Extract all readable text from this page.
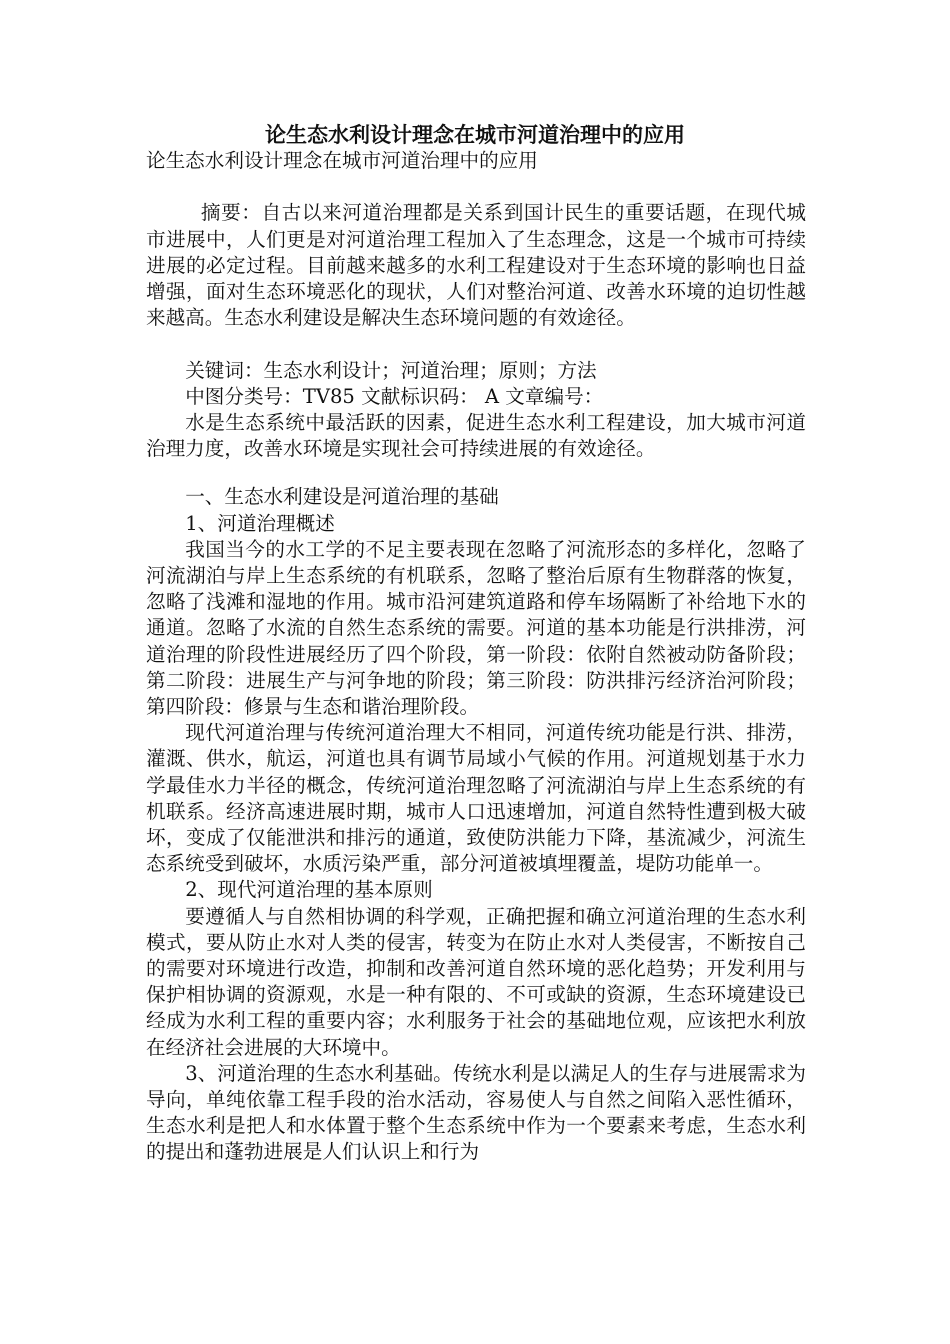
论生态水利设计理念在城市河道治理中的应用

论生态水利设计理念在城市河道治理中的应用

摘要：自古以来河道治理都是关系到国计民生的重要话题，在现代城市进展中，人们更是对河道治理工程加入了生态理念，这是一个城市可持续进展的必定过程。目前越来越多的水利工程建设对于生态环境的影响也日益增强，面对生态环境恶化的现状，人们对整治河道、改善水环境的迫切性越来越高。生态水利建设是解决生态环境问题的有效途径。

关键词：生态水利设计；河道治理；原则；方法

中图分类号：TV85 文献标识码： A 文章编号：

水是生态系统中最活跃的因素，促进生态水利工程建设，加大城市河道治理力度，改善水环境是实现社会可持续进展的有效途径。

一、生态水利建设是河道治理的基础

1、河道治理概述

我国当今的水工学的不足主要表现在忽略了河流形态的多样化，忽略了河流湖泊与岸上生态系统的有机联系，忽略了整治后原有生物群落的恢复，忽略了浅滩和湿地的作用。城市沿河建筑道路和停车场隔断了补给地下水的通道。忽略了水流的自然生态系统的需要。河道的基本功能是行洪排涝，河道治理的阶段性进展经历了四个阶段，第一阶段：依附自然被动防备阶段；第二阶段：进展生产与河争地的阶段；第三阶段：防洪排污经济治河阶段；第四阶段：修景与生态和谐治理阶段。

现代河道治理与传统河道治理大不相同，河道传统功能是行洪、排涝，灌溉、供水，航运，河道也具有调节局域小气候的作用。河道规划基于水力学最佳水力半径的概念，传统河道治理忽略了河流湖泊与岸上生态系统的有机联系。经济高速进展时期，城市人口迅速增加，河道自然特性遭到极大破坏，变成了仅能泄洪和排污的通道，致使防洪能力下降，基流减少，河流生态系统受到破坏，水质污染严重，部分河道被填埋覆盖，堤防功能单一。

2、现代河道治理的基本原则

要遵循人与自然相协调的科学观，正确把握和确立河道治理的生态水利模式，要从防止水对人类的侵害，转变为在防止水对人类侵害，不断按自己的需要对环境进行改造，抑制和改善河道自然环境的恶化趋势；开发利用与保护相协调的资源观，水是一种有限的、不可或缺的资源，生态环境建设已经成为水利工程的重要内容；水利服务于社会的基础地位观，应该把水利放在经济社会进展的大环境中。

3、河道治理的生态水利基础。传统水利是以满足人的生存与进展需求为导向，单纯依靠工程手段的治水活动，容易使人与自然之间陷入恶性循环，生态水利是把人和水体置于整个生态系统中作为一个要素来考虑，生态水利的提出和蓬勃进展是人们认识上和行为
